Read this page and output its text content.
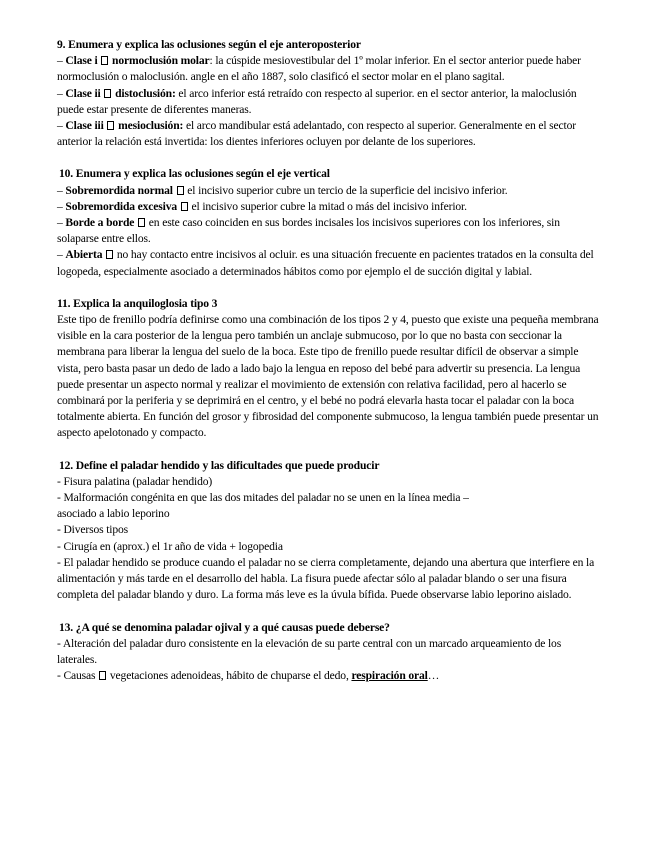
9. Enumera y explica las oclusiones según el eje anteroposterior

– Clase i normoclusión molar: la cúspide mesiovestibular del 1º molar inferior. En el sector anterior puede haber normoclusión o maloclusión. angle en el año 1887, solo clasificó el sector molar en el plano sagital.

– Clase ii distoclusión: el arco inferior está retraído con respecto al superior. en el sector anterior, la maloclusión puede estar presente de diferentes maneras.

– Clase iii mesioclusión: el arco mandibular está adelantado, con respecto al superior. Generalmente en el sector anterior la relación está invertida: los dientes inferiores ocluyen por delante de los superiores.

10. Enumera y explica las oclusiones según el eje vertical

– Sobremordida normal  el incisivo superior cubre un tercio de la superficie del incisivo inferior.

– Sobremordida excesiva  el incisivo superior cubre la mitad o más del incisivo inferior.

– Borde a borde  en este caso coinciden en sus bordes incisales los incisivos superiores con los inferiores, sin solaparse entre ellos.

– Abierta  no hay contacto entre incisivos al ocluir. es una situación frecuente en pacientes tratados en la consulta del logopeda, especialmente asociado a determinados hábitos como por ejemplo el de succión digital y labial.

11. Explica la anquiloglosia tipo 3

Este tipo de frenillo podría definirse como una combinación de los tipos 2 y 4, puesto que existe una pequeña membrana visible en la cara posterior de la lengua pero también un anclaje submucoso, por lo que no basta con seccionar la membrana para liberar la lengua del suelo de la boca. Este tipo de frenillo puede resultar difícil de observar a simple vista, pero basta pasar un dedo de lado a lado bajo la lengua en reposo del bebé para advertir su presencia. La lengua puede presentar un aspecto normal y realizar el movimiento de extensión con relativa facilidad, pero al hacerlo se combinará por la periferia y se deprimirá en el centro, y el bebé no podrá elevarla hasta tocar el paladar con la boca totalmente abierta. En función del grosor y fibrosidad del componente submucoso, la lengua también puede presentar un aspecto apelotonado y compacto.

12. Define el paladar hendido y las dificultades que puede producir

- Fisura palatina (paladar hendido)

- Malformación congénita en que las dos mitades del paladar no se unen en la línea media –

asociado a labio leporino

- Diversos tipos

- Cirugía en (aprox.) el 1r año de vida + logopedia

- El paladar hendido se produce cuando el paladar no se cierra completamente, dejando una abertura que interfiere en la alimentación y más tarde en el desarrollo del habla. La fisura puede afectar sólo al paladar blando o ser una fisura completa del paladar blando y duro. La forma más leve es la úvula bífida. Puede observarse labio leporino aislado.

13. ¿A qué se denomina paladar ojival y a qué causas puede deberse?

- Alteración del paladar duro consistente en la elevación de su parte central con un marcado arqueamiento de los laterales.

- Causas  vegetaciones adenoideas, hábito de chuparse el dedo, respiración oral…
